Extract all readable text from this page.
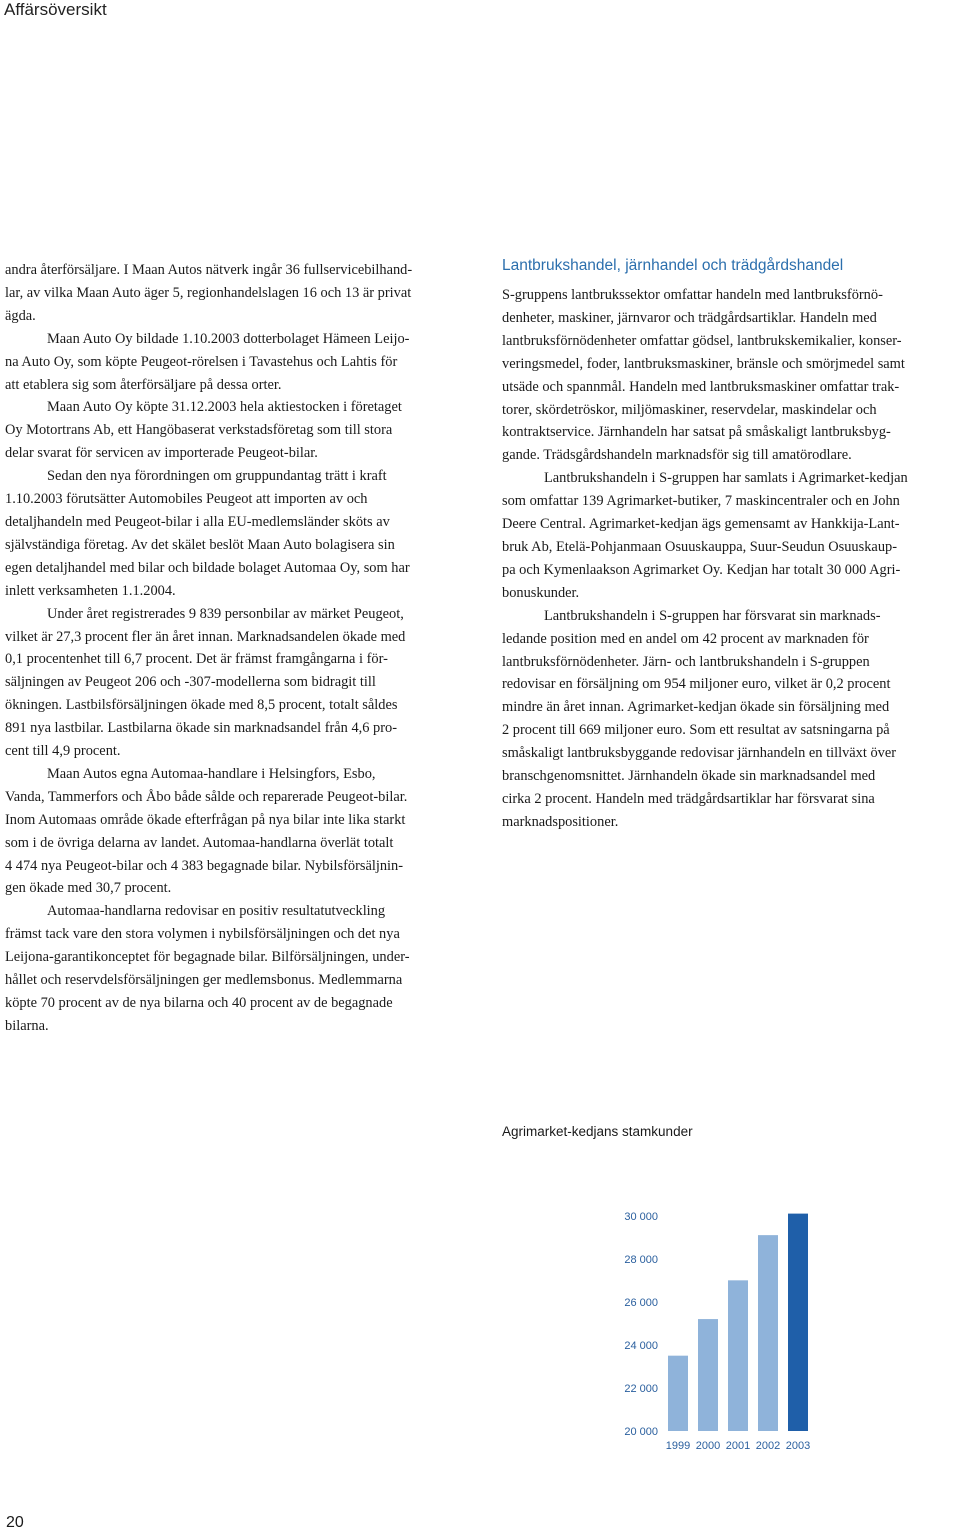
Affärsöversikt
andra återförsäljare. I Maan Autos nätverk ingår 36 fullservicebilhand-
lar, av vilka Maan Auto äger 5, regionhandelslagen 16 och 13 är privat
ägda.
Maan Auto Oy bildade 1.10.2003 dotterbolaget Hämeen Leijo-
na Auto Oy, som köpte Peugeot-rörelsen i Tavastehus och Lahtis för
att etablera sig som återförsäljare på dessa orter.
Maan Auto Oy köpte 31.12.2003 hela aktiestocken i företaget
Oy Motortrans Ab, ett Hangöbaserat verkstadsföretag som till stora
delar svarat för servicen av importerade Peugeot-bilar.
Sedan den nya förordningen om gruppundantag trätt i kraft
1.10.2003 förutsätter Automobiles Peugeot att importen av och
detaljhandeln med Peugeot-bilar i alla EU-medlemsländer sköts av
självständiga företag. Av det skälet beslöt Maan Auto bolagisera sin
egen detaljhandel med bilar och bildade bolaget Automaa Oy, som har
inlett verksamheten 1.1.2004.
Under året registrerades 9 839 personbilar av märket Peugeot,
vilket är 27,3 procent fler än året innan. Marknadsandelen ökade med
0,1 procentenhet till 6,7 procent. Det är främst framgångarna i för-
säljningen av Peugeot 206 och -307-modellerna som bidragit till
ökningen. Lastbilsförsäljningen ökade med 8,5 procent, totalt såldes
891 nya lastbilar. Lastbilarna ökade sin marknadsandel från 4,6 pro-
cent till 4,9 procent.
Maan Autos egna Automaa-handlare i Helsingfors, Esbo,
Vanda, Tammerfors och Åbo både sålde och reparerade Peugeot-bilar.
Inom Automaas område ökade efterfrågan på nya bilar inte lika starkt
som i de övriga delarna av landet. Automaa-handlarna överlät totalt
4 474 nya Peugeot-bilar och 4 383 begagnade bilar. Nybilsförsäljnin-
gen ökade med 30,7 procent.
Automaa-handlarna redovisar en positiv resultatutveckling
främst tack vare den stora volymen i nybilsförsäljningen och det nya
Leijona-garantikonceptet för begagnade bilar. Bilförsäljningen, under-
hållet och reservdelsförsäljningen ger medlemsbonus. Medlemmarna
köpte 70 procent av de nya bilarna och 40 procent av de begagnade
bilarna.
Lantbrukshandel, järnhandel och trädgårdshandel
S-gruppens lantbrukssektor omfattar handeln med lantbruksförnö-
denheter, maskiner, järnvaror och trädgårdsartiklar. Handeln med
lantbruksförnödenheter omfattar gödsel, lantbrukskemikalier, konser-
veringsmedel, foder, lantbruksmaskiner, bränsle och smörjmedel samt
utsäde och spannmål. Handeln med lantbruksmaskiner omfattar trak-
torer, skördetröskor, miljömaskiner, reservdelar, maskindelar och
kontraktservice. Järnhandeln har satsat på småskaligt lantbruksbyg-
gande. Trädsgårdshandeln marknadsför sig till amatörodlare.
Lantbrukshandeln i S-gruppen har samlats i Agrimarket-kedjan
som omfattar 139 Agrimarket-butiker, 7 maskincentraler och en John
Deere Central. Agrimarket-kedjan ägs gemensamt av Hankkija-Lant-
bruk Ab, Etelä-Pohjanmaan Osuuskauppa, Suur-Seudun Osuuskaup-
pa och Kymenlaakson Agrimarket Oy. Kedjan har totalt 30 000 Agri-
bonuskunder.
Lantbrukshandeln i S-gruppen har försvarat sin marknads-
ledande position med en andel om 42 procent av marknaden för
lantbruksförnödenheter. Järn- och lantbrukshandeln i S-gruppen
redovisar en försäljning om 954 miljoner euro, vilket är 0,2 procent
mindre än året innan. Agrimarket-kedjan ökade sin försäljning med
2 procent till 669 miljoner euro. Som ett resultat av satsningarna på
småskaligt lantbruksbyggande redovisar järnhandeln en tillväxt över
branschgenomsnittet. Järnhandeln ökade sin marknadsandel med
cirka 2 procent. Handeln med trädgårdsartiklar har försvarat sina
marknadspositioner.
Agrimarket-kedjans stamkunder
20 000
22 000
24 000
26 000
28 000
30 000
1999 2000 2001 2002 2003
20
